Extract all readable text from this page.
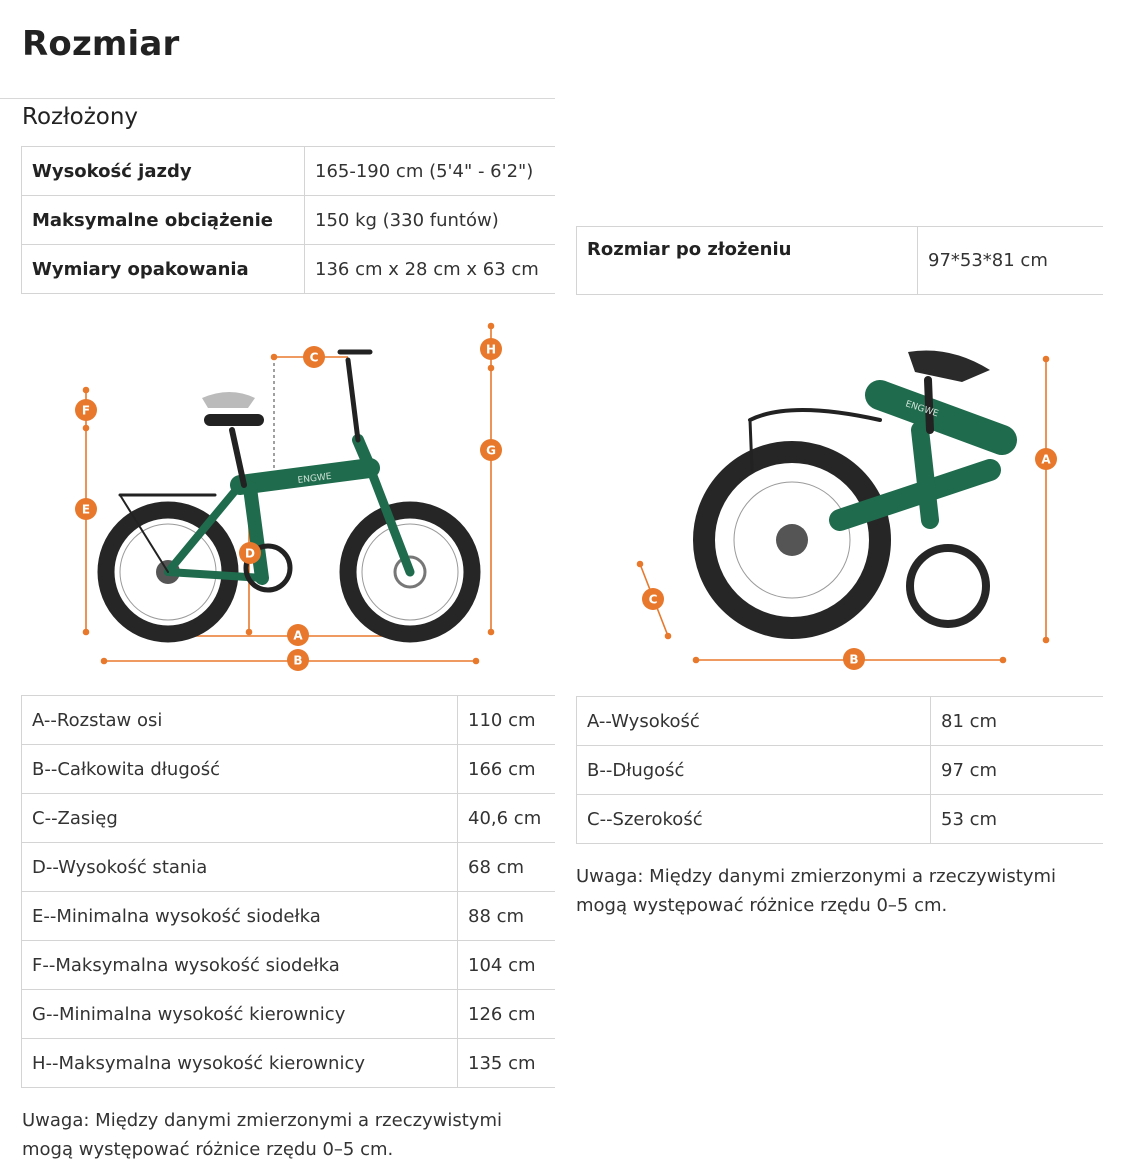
Rozmiar
Rozłożony
Wysokość jazdy	165-190 cm (5'4" - 6'2")
Maksymalne obciążenie	150 kg (330 funtów)
Wymiary opakowania	136 cm x 28 cm x 63 cm
Rozmiar po złożeniu	97*53*81 cm
ENGWE
A
B
C
D
E
F
G
H
ENGWE
A
B
C
A--Rozstaw osi	110 cm
B--Całkowita długość	166 cm
C--Zasięg	40,6 cm
D--Wysokość stania	68 cm
E--Minimalna wysokość siodełka	88 cm
F--Maksymalna wysokość siodełka	104 cm
G--Minimalna wysokość kierownicy	126 cm
H--Maksymalna wysokość kierownicy	135 cm
A--Wysokość	81 cm
B--Długość	97 cm
C--Szerokość	53 cm
Uwaga: Między danymi zmierzonymi a rzeczywistymi mogą występować różnice rzędu 0–5 cm.
Uwaga: Między danymi zmierzonymi a rzeczywistymi mogą występować różnice rzędu 0–5 cm.
